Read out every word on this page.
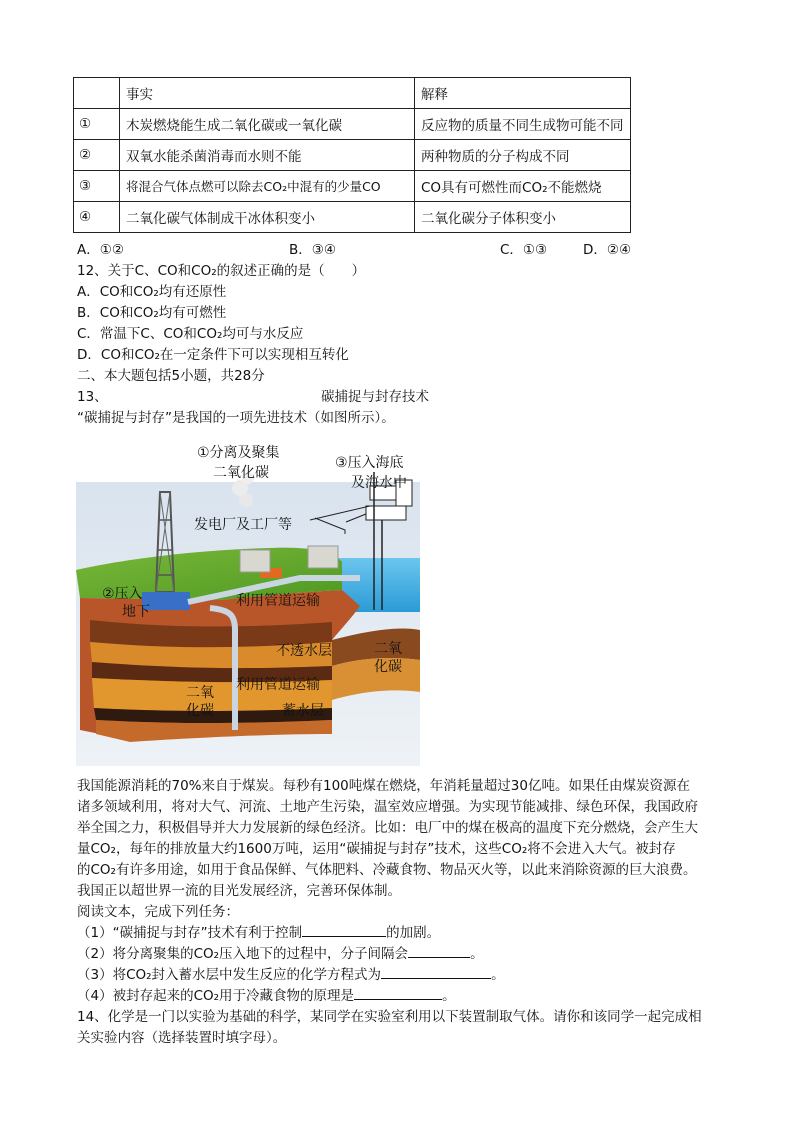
	事实	解释
①	木炭燃烧能生成二氧化碳或一氧化碳	反应物的质量不同生成物可能不同
②	双氧水能杀菌消毒而水则不能	两种物质的分子构成不同
③	将混合气体点燃可以除去CO₂中混有的少量CO	CO具有可燃性而CO₂不能燃烧
④	二氧化碳气体制成干冰体积变小	二氧化碳分子体积变小
A．①②	B．③④	C．①③	D．②④
12、关于C、CO和CO₂的叙述正确的是（　　）
A．CO和CO₂均有还原性
B．CO和CO₂均有可燃性
C．常温下C、CO和CO₂均可与水反应
D．CO和CO₂在一定条件下可以实现相互转化
二、本大题包括5小题，共28分
13、	碳捕捉与封存技术
“碳捕捉与封存”是我国的一项先进技术（如图所示）。
①分离及聚集
二氧化碳
③压入海底
及海水中
发电厂及工厂等
②压入
地下
利用管道运输
不透水层	二氧
化碳
二氧
化碳
利用管道运输
蓄水层
我国能源消耗的70%来自于煤炭。每秒有100吨煤在燃烧，年消耗量超过30亿吨。如果任由煤炭资源在
诸多领域利用，将对大气、河流、土地产生污染，温室效应增强。为实现节能减排、绿色环保，我国政府
举全国之力，积极倡导并大力发展新的绿色经济。比如：电厂中的煤在极高的温度下充分燃烧，会产生大
量CO₂，每年的排放量大约1600万吨，运用“碳捕捉与封存”技术，这些CO₂将不会进入大气。被封存
的CO₂有许多用途，如用于食品保鲜、气体肥料、冷藏食物、物品灭火等，以此来消除资源的巨大浪费。
我国正以超世界一流的目光发展经济，完善环保体制。
阅读文本，完成下列任务：
（1）“碳捕捉与封存”技术有利于控制	的加剧。
（2）将分离聚集的CO₂压入地下的过程中，分子间隔会	。
（3）将CO₂封入蓄水层中发生反应的化学方程式为	。
（4）被封存起来的CO₂用于冷藏食物的原理是	。
14、化学是一门以实验为基础的科学，某同学在实验室利用以下装置制取气体。请你和该同学一起完成相
关实验内容（选择装置时填字母）。
